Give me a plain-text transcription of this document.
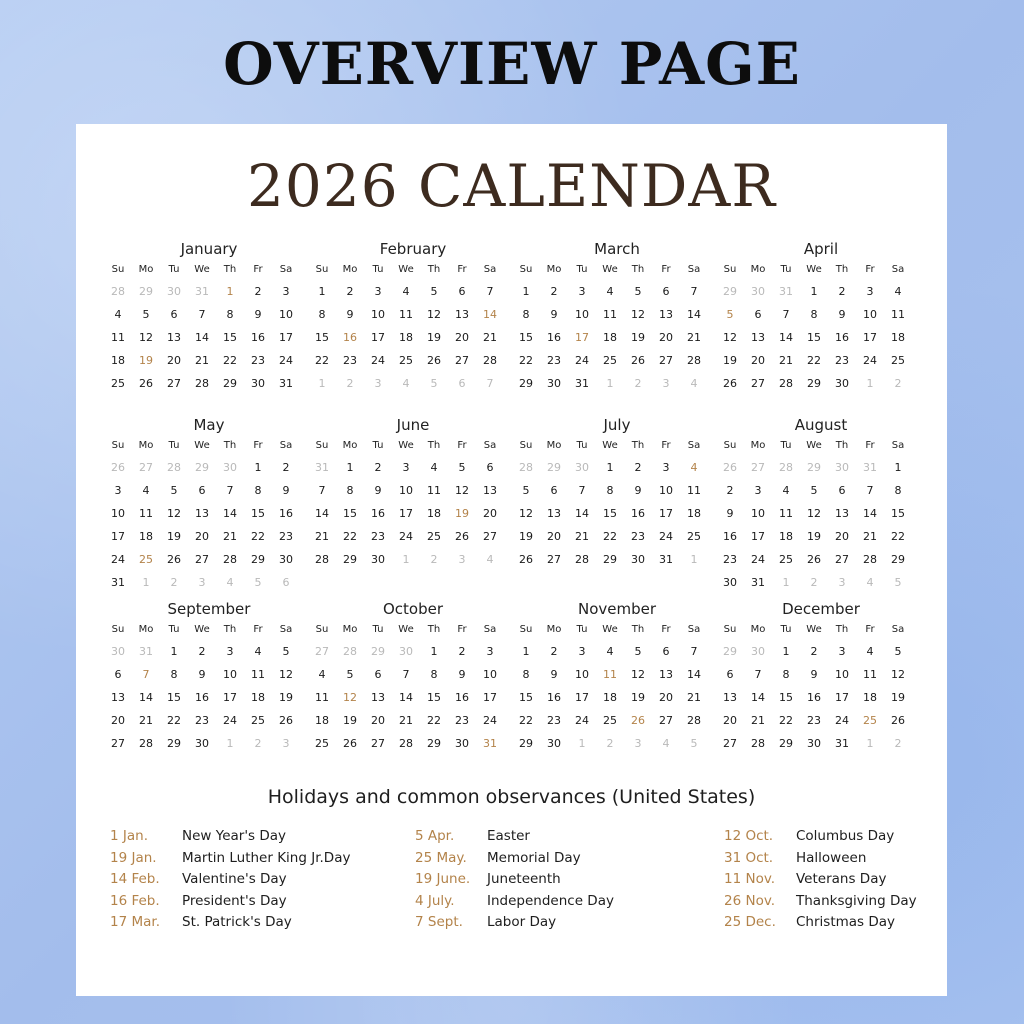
OVERVIEW PAGE
2026 CALENDAR
January
Su	Mo	Tu	We	Th	Fr	Sa
28	29	30	31	1	2	3
4	5	6	7	8	9	10
11	12	13	14	15	16	17
18	19	20	21	22	23	24
25	26	27	28	29	30	31
February
Su	Mo	Tu	We	Th	Fr	Sa
1	2	3	4	5	6	7
8	9	10	11	12	13	14
15	16	17	18	19	20	21
22	23	24	25	26	27	28
1	2	3	4	5	6	7
March
Su	Mo	Tu	We	Th	Fr	Sa
1	2	3	4	5	6	7
8	9	10	11	12	13	14
15	16	17	18	19	20	21
22	23	24	25	26	27	28
29	30	31	1	2	3	4
April
Su	Mo	Tu	We	Th	Fr	Sa
29	30	31	1	2	3	4
5	6	7	8	9	10	11
12	13	14	15	16	17	18
19	20	21	22	23	24	25
26	27	28	29	30	1	2
May
Su	Mo	Tu	We	Th	Fr	Sa
26	27	28	29	30	1	2
3	4	5	6	7	8	9
10	11	12	13	14	15	16
17	18	19	20	21	22	23
24	25	26	27	28	29	30
31	1	2	3	4	5	6
June
Su	Mo	Tu	We	Th	Fr	Sa
31	1	2	3	4	5	6
7	8	9	10	11	12	13
14	15	16	17	18	19	20
21	22	23	24	25	26	27
28	29	30	1	2	3	4
July
Su	Mo	Tu	We	Th	Fr	Sa
28	29	30	1	2	3	4
5	6	7	8	9	10	11
12	13	14	15	16	17	18
19	20	21	22	23	24	25
26	27	28	29	30	31	1
August
Su	Mo	Tu	We	Th	Fr	Sa
26	27	28	29	30	31	1
2	3	4	5	6	7	8
9	10	11	12	13	14	15
16	17	18	19	20	21	22
23	24	25	26	27	28	29
30	31	1	2	3	4	5
September
Su	Mo	Tu	We	Th	Fr	Sa
30	31	1	2	3	4	5
6	7	8	9	10	11	12
13	14	15	16	17	18	19
20	21	22	23	24	25	26
27	28	29	30	1	2	3
October
Su	Mo	Tu	We	Th	Fr	Sa
27	28	29	30	1	2	3
4	5	6	7	8	9	10
11	12	13	14	15	16	17
18	19	20	21	22	23	24
25	26	27	28	29	30	31
November
Su	Mo	Tu	We	Th	Fr	Sa
1	2	3	4	5	6	7
8	9	10	11	12	13	14
15	16	17	18	19	20	21
22	23	24	25	26	27	28
29	30	1	2	3	4	5
December
Su	Mo	Tu	We	Th	Fr	Sa
29	30	1	2	3	4	5
6	7	8	9	10	11	12
13	14	15	16	17	18	19
20	21	22	23	24	25	26
27	28	29	30	31	1	2
Holidays and common observances (United States)
1 Jan.	New Year's Day
19 Jan. Martin Luther King Jr.Day
14 Feb. Valentine's Day
16 Feb. President's Day
17 Mar. St. Patrick's Day
5 Apr. Easter
25 May. Memorial Day
19 June. Juneteenth
4 July. Independence Day
7 Sept. Labor Day
12 Oct. Columbus Day
31 Oct. Halloween
11 Nov. Veterans Day
26 Nov. Thanksgiving Day
25 Dec. Christmas Day
